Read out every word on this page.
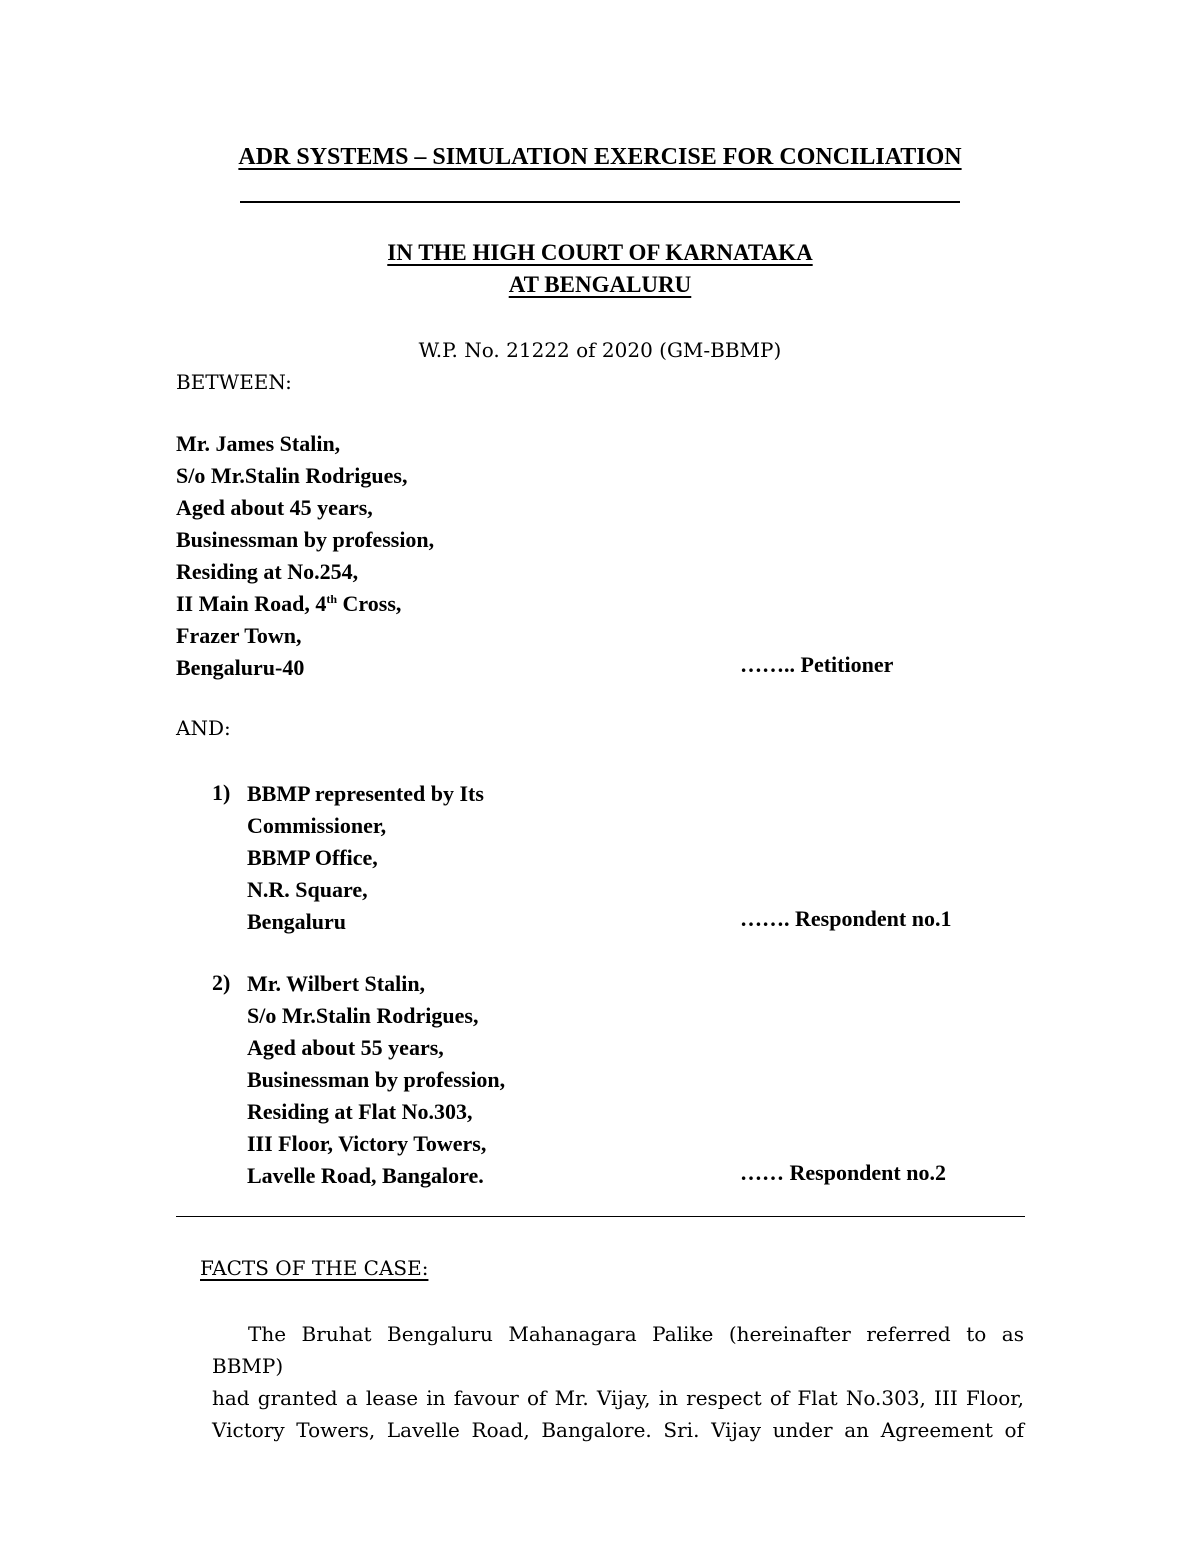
ADR SYSTEMS – SIMULATION EXERCISE FOR CONCILIATION
IN THE HIGH COURT OF KARNATAKA
AT BENGALURU
W.P. No. 21222 of 2020 (GM-BBMP)
BETWEEN:
Mr. James Stalin,
S/o Mr.Stalin Rodrigues,
Aged about 45 years,
Businessman by profession,
Residing at No.254,
II Main Road, 4th Cross,
Frazer Town,
Bengaluru-40	…….. Petitioner
AND:
1) BBMP represented by Its
Commissioner,
BBMP Office,
N.R. Square,
Bengaluru	……. Respondent no.1
2) Mr. Wilbert Stalin,
S/o Mr.Stalin Rodrigues,
Aged about 55 years,
Businessman by profession,
Residing at Flat No.303,
III Floor, Victory Towers,
Lavelle Road, Bangalore.	…… Respondent no.2
FACTS OF THE CASE:
The Bruhat Bengaluru Mahanagara Palike (hereinafter referred to as BBMP)
had granted a lease in favour of Mr. Vijay, in respect of Flat No.303, III Floor,
Victory Towers, Lavelle Road, Bangalore. Sri. Vijay under an Agreement of
